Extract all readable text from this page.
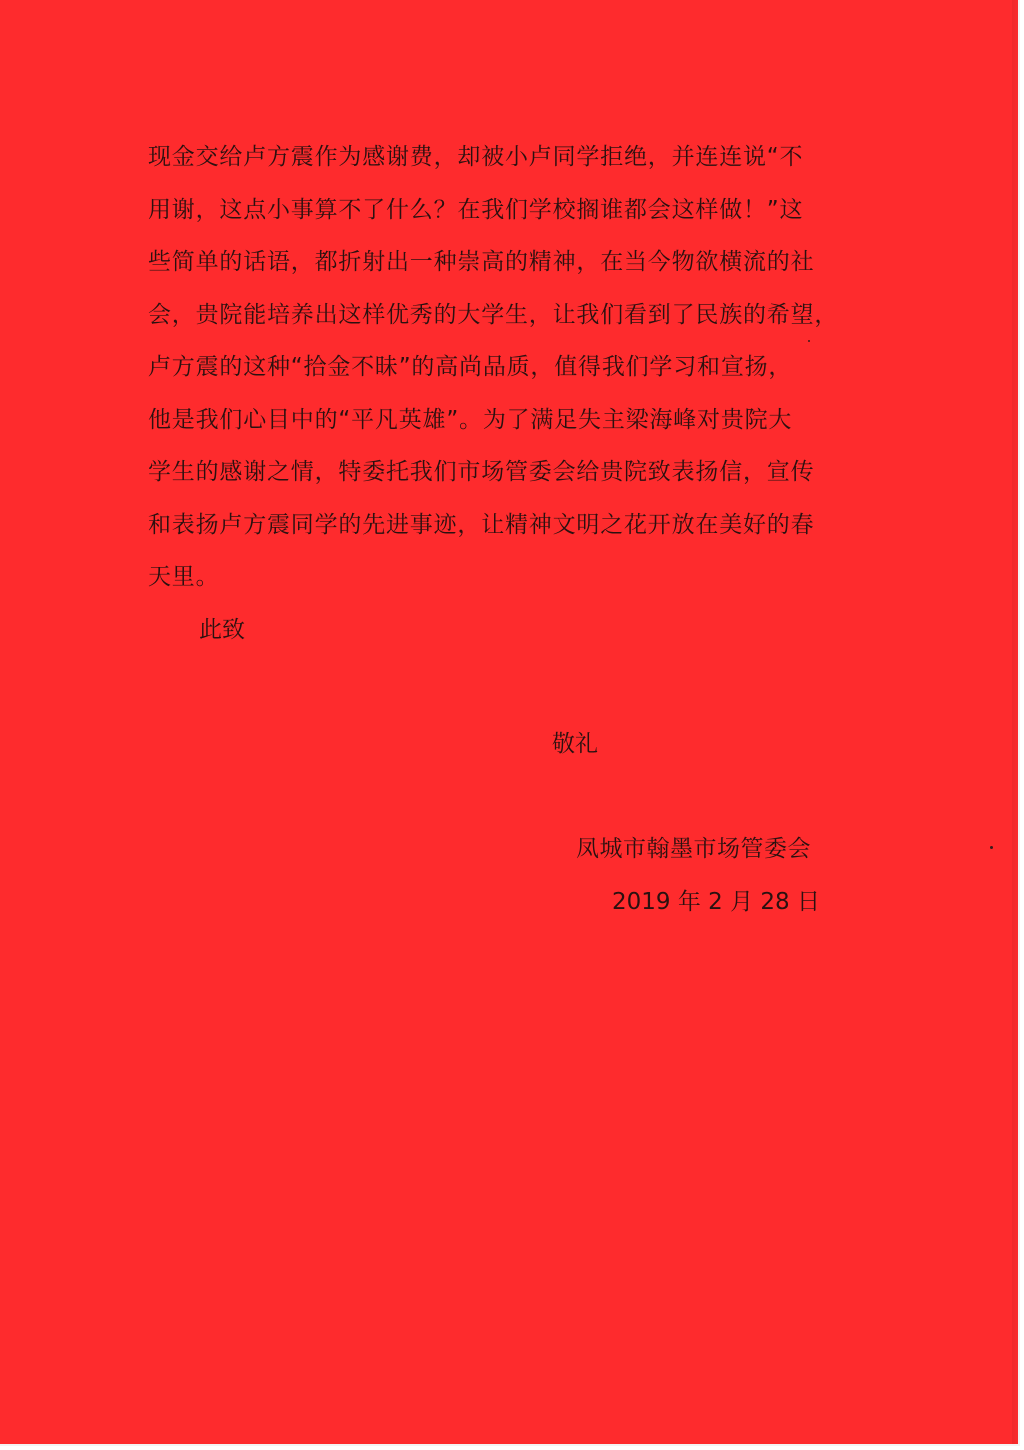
现金交给卢方震作为感谢费，却被小卢同学拒绝，并连连说“不
用谢，这点小事算不了什么？在我们学校搁谁都会这样做！”这
些简单的话语，都折射出一种崇高的精神，在当今物欲横流的社
会，贵院能培养出这样优秀的大学生，让我们看到了民族的希望，
卢方震的这种“拾金不昧”的高尚品质，值得我们学习和宣扬，
他是我们心目中的“平凡英雄”。为了满足失主梁海峰对贵院大
学生的感谢之情，特委托我们市场管委会给贵院致表扬信，宣传
和表扬卢方震同学的先进事迹，让精神文明之花开放在美好的春
天里。
此致
敬礼
凤城市翰墨市场管委会
2019 年 2 月 28 日
